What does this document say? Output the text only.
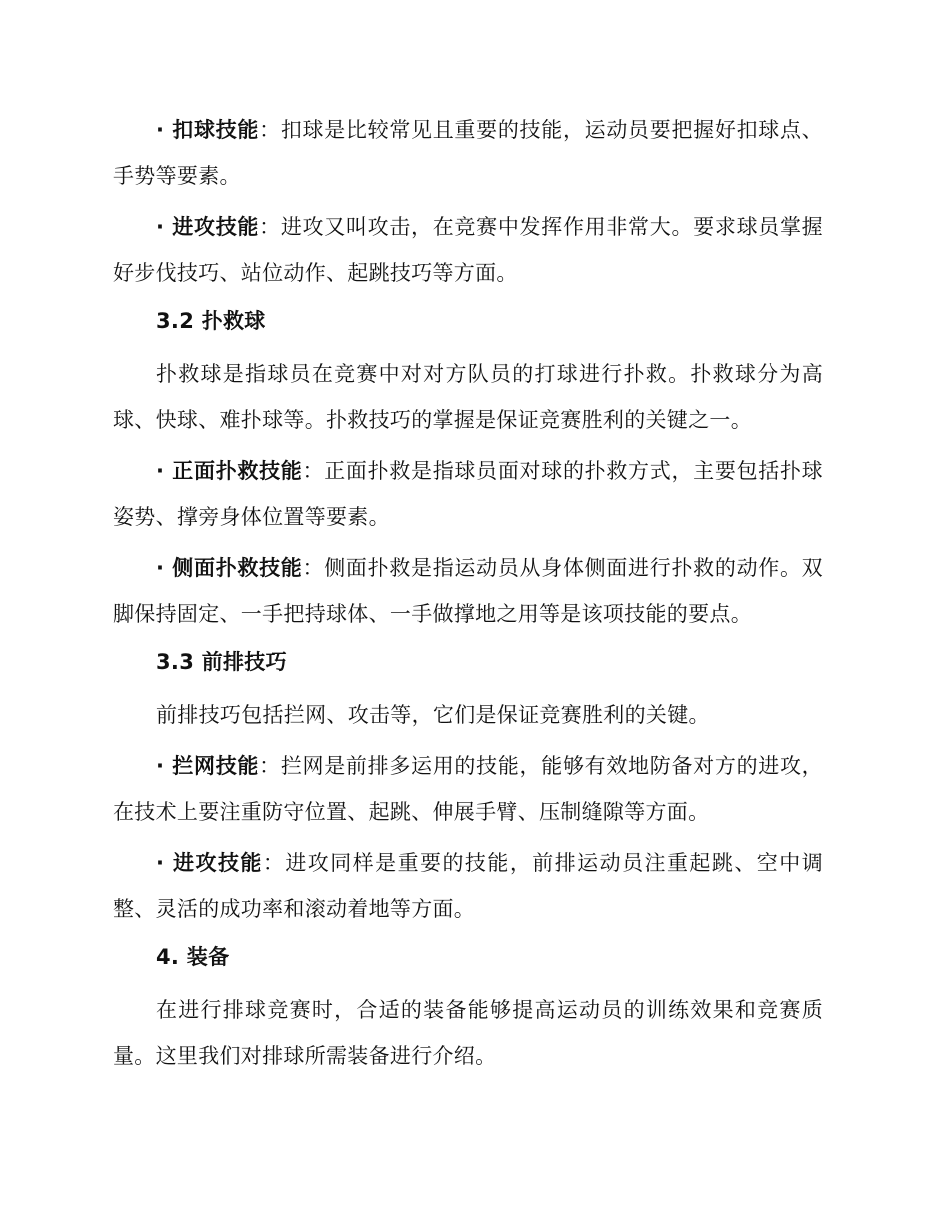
· 扣球技能：扣球是比较常见且重要的技能，运动员要把握好扣球点、手势等要素。

· 进攻技能：进攻又叫攻击，在竞赛中发挥作用非常大。要求球员掌握好步伐技巧、站位动作、起跳技巧等方面。

3.2 扑救球

扑救球是指球员在竞赛中对对方队员的打球进行扑救。扑救球分为高球、快球、难扑球等。扑救技巧的掌握是保证竞赛胜利的关键之一。

· 正面扑救技能：正面扑救是指球员面对球的扑救方式，主要包括扑球姿势、撑旁身体位置等要素。

· 侧面扑救技能：侧面扑救是指运动员从身体侧面进行扑救的动作。双脚保持固定、一手把持球体、一手做撑地之用等是该项技能的要点。

3.3 前排技巧

前排技巧包括拦网、攻击等，它们是保证竞赛胜利的关键。

· 拦网技能：拦网是前排多运用的技能，能够有效地防备对方的进攻，在技术上要注重防守位置、起跳、伸展手臂、压制缝隙等方面。

· 进攻技能：进攻同样是重要的技能，前排运动员注重起跳、空中调整、灵活的成功率和滚动着地等方面。

4. 装备

在进行排球竞赛时，合适的装备能够提高运动员的训练效果和竞赛质量。这里我们对排球所需装备进行介绍。
